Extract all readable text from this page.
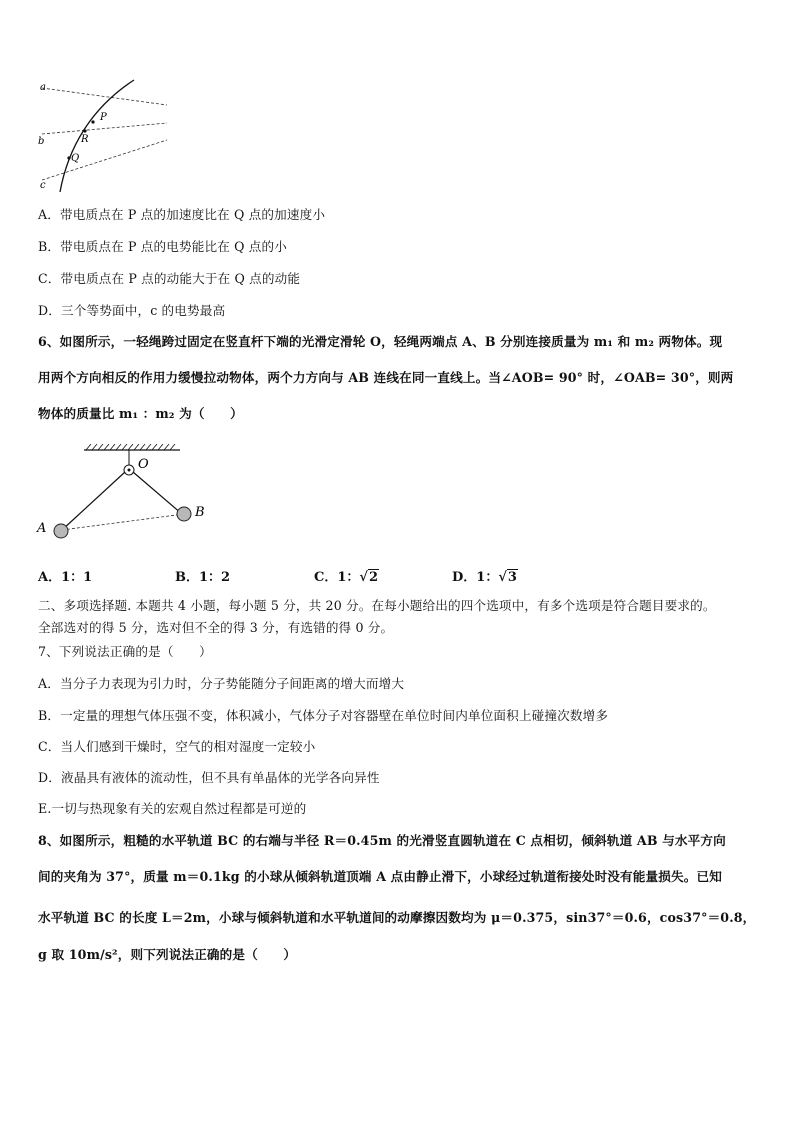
a
b
c
P
R
Q
A．带电质点在 P 点的加速度比在 Q 点的加速度小
B．带电质点在 P 点的电势能比在 Q 点的小
C．带电质点在 P 点的动能大于在 Q 点的动能
D．三个等势面中，c 的电势最高
6、如图所示，一轻绳跨过固定在竖直杆下端的光滑定滑轮 O，轻绳两端点 A、B 分别连接质量为 m₁ 和 m₂ 两物体。现
用两个方向相反的作用力缓慢拉动物体，两个力方向与 AB 连线在同一直线上。当∠AOB= 90° 时，∠OAB= 30°，则两
物体的质量比 m₁ ：m₂ 为（　　）
O
A
B
A．1：1	B．1：2	C．1：√2	D．1：√3
二、多项选择题. 本题共 4 小题，每小题 5 分，共 20 分。在每小题给出的四个选项中，有多个选项是符合题目要求的。
全部选对的得 5 分，选对但不全的得 3 分，有选错的得 0 分。
7、下列说法正确的是（　　）
A．当分子力表现为引力时，分子势能随分子间距离的增大而增大
B．一定量的理想气体压强不变，体积减小，气体分子对容器壁在单位时间内单位面积上碰撞次数增多
C．当人们感到干燥时，空气的相对湿度一定较小
D．液晶具有液体的流动性，但不具有单晶体的光学各向异性
E.一切与热现象有关的宏观自然过程都是可逆的
8、如图所示，粗糙的水平轨道 BC 的右端与半径 R＝0.45m 的光滑竖直圆轨道在 C 点相切，倾斜轨道 AB 与水平方向
间的夹角为 37°，质量 m＝0.1kg 的小球从倾斜轨道顶端 A 点由静止滑下，小球经过轨道衔接处时没有能量损失。已知
水平轨道 BC 的长度 L＝2m，小球与倾斜轨道和水平轨道间的动摩擦因数均为 μ＝0.375，sin37°＝0.6，cos37°＝0.8，
g 取 10m/s²，则下列说法正确的是（　　）
